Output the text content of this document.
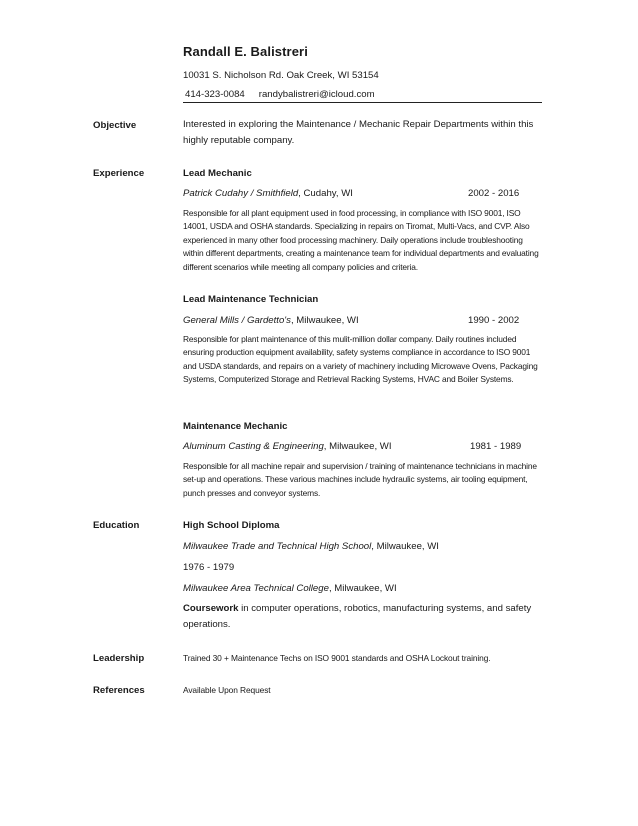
Randall E. Balistreri

10031 S. Nicholson Rd. Oak Creek, WI 53154
414-323-0084 randybalistreri@icloud.com
Objective	Interested in exploring the Maintenance / Mechanic Repair Departments within this highly reputable company.

Experience	Lead Mechanic

Patrick Cudahy / Smithfield, Cudahy, WI	2002 - 2016

Responsible for all plant equipment used in food processing, in compliance with ISO 9001, ISO 14001, USDA and OSHA standards. Specializing in repairs on Tiromat, Multi-Vacs, and CVP. Also experienced in many other food processing machinery. Daily operations include troubleshooting within different departments, creating a maintenance team for individual departments and evaluating different scenarios while meeting all company policies and criteria.

Lead Maintenance Technician

General Mills / Gardetto's, Milwaukee, WI	1990 - 2002

Responsible for plant maintenance of this mulit-million dollar company. Daily routines included ensuring production equipment availability, safety systems compliance in accordance to ISO 9001 and USDA standards, and repairs on a variety of machinery including Microwave Ovens, Packaging Systems, Computerized Storage and Retrieval Racking Systems, HVAC and Boiler Systems.

Maintenance Mechanic

Aluminum Casting & Engineering, Milwaukee, WI	1981 - 1989

Responsible for all machine repair and supervision / training of maintenance technicians in machine set-up and operations. These various machines include hydraulic systems, air tooling equipment, punch presses and conveyor systems.

Education	High School Diploma

Milwaukee Trade and Technical High School, Milwaukee, WI

1976 - 1979

Milwaukee Area Technical College, Milwaukee, WI

Coursework in computer operations, robotics, manufacturing systems, and safety operations.

Leadership	Trained 30 + Maintenance Techs on ISO 9001 standards and OSHA Lockout training.

References	Available Upon Request
